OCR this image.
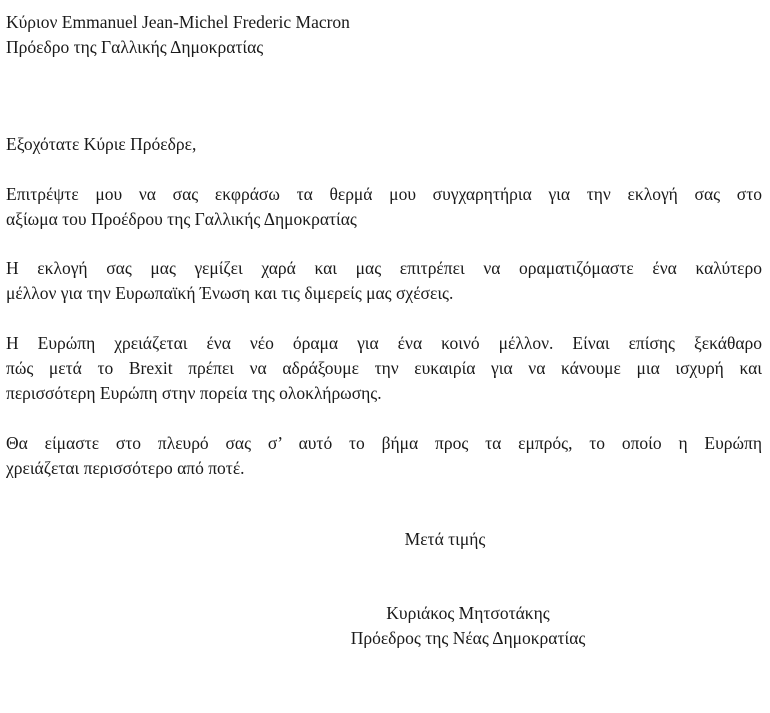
Κύριον Emmanuel Jean-Michel Frederic Macron
Πρόεδρο της Γαλλικής Δημοκρατίας
Εξοχότατε Κύριε Πρόεδρε,
Επιτρέψτε μου να σας εκφράσω τα θερμά μου συγχαρητήρια για την εκλογή σας στο
αξίωμα του Προέδρου της Γαλλικής Δημοκρατίας
Η εκλογή σας μας γεμίζει χαρά και μας επιτρέπει να οραματιζόμαστε ένα καλύτερο
μέλλον για την Ευρωπαϊκή Ένωση και τις διμερείς μας σχέσεις.
Η Ευρώπη χρειάζεται ένα νέο όραμα για ένα κοινό μέλλον. Είναι επίσης ξεκάθαρο
πώς μετά το Brexit πρέπει να αδράξουμε την ευκαιρία για να κάνουμε μια ισχυρή και
περισσότερη Ευρώπη στην πορεία της ολοκλήρωσης.
Θα είμαστε στο πλευρό σας σ’ αυτό το βήμα προς τα εμπρός, το οποίο η Ευρώπη
χρειάζεται περισσότερο από ποτέ.
Μετά τιμής
Κυριάκος Μητσοτάκης
Πρόεδρος της Νέας Δημοκρατίας
